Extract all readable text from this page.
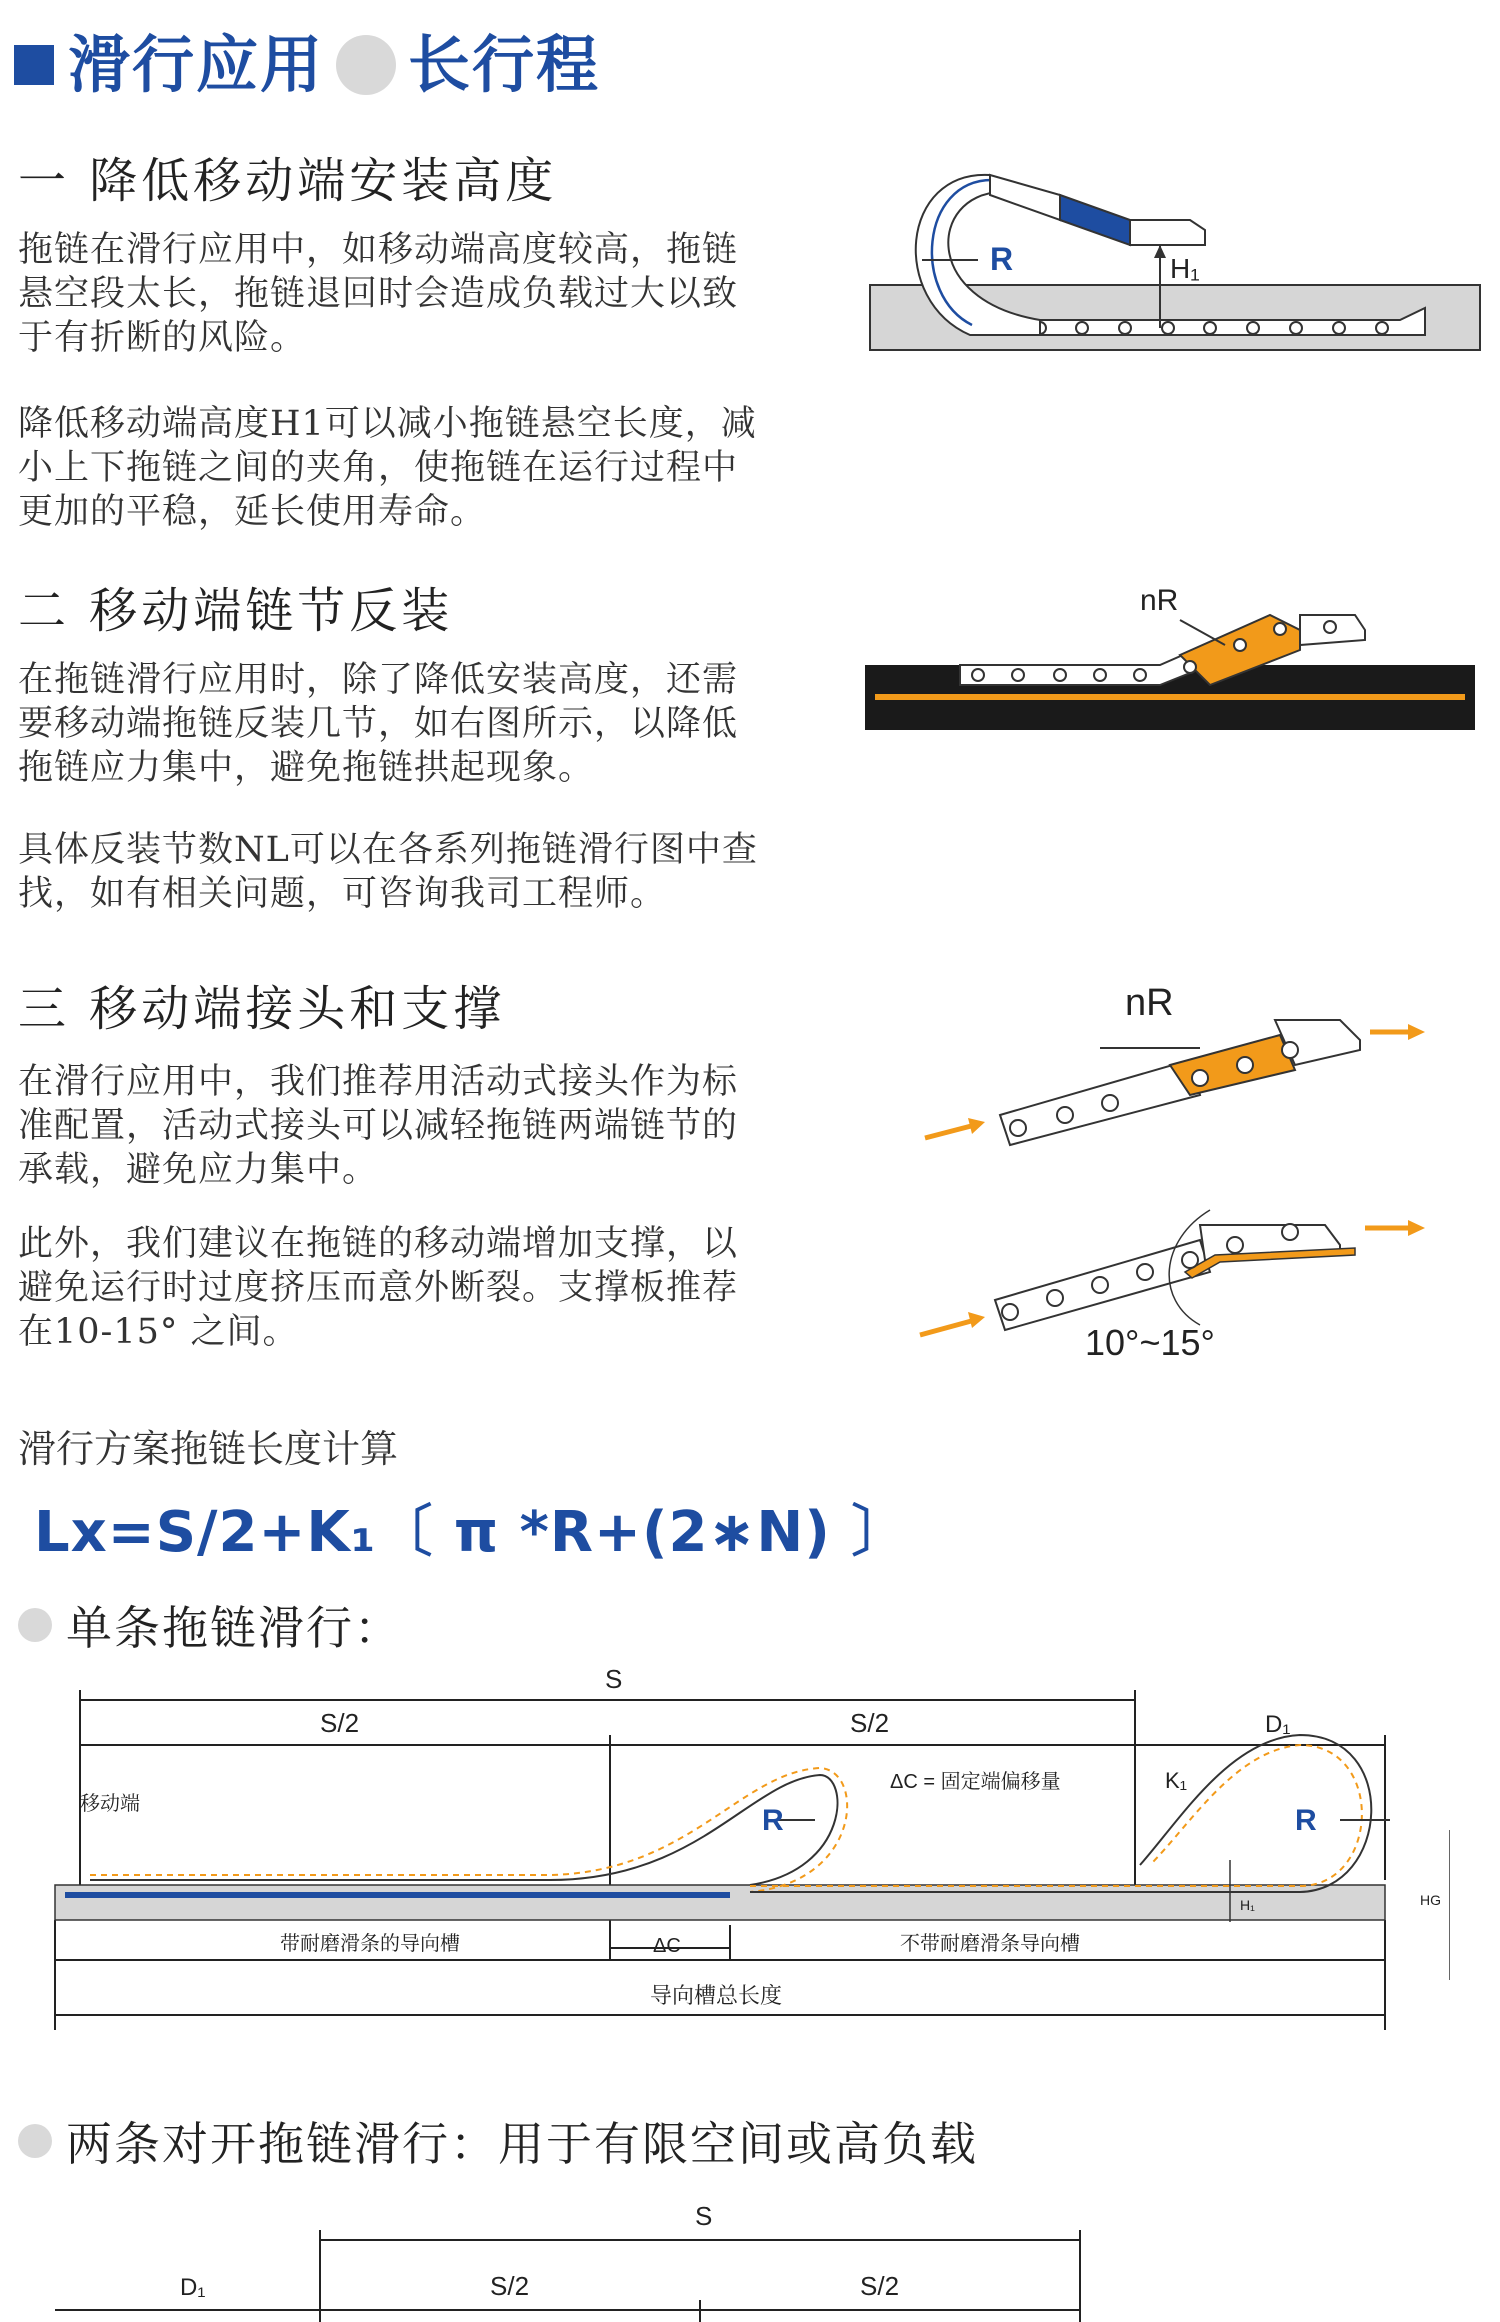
滑行应用 长行程
一 降低移动端安装高度
拖链在滑行应用中，如移动端高度较高，拖链悬空段太长，拖链退回时会造成负载过大以致于有折断的风险。
降低移动端高度H1可以减小拖链悬空长度，减小上下拖链之间的夹角，使拖链在运行过程中更加的平稳，延长使用寿命。
H₁
R
二 移动端链节反装
在拖链滑行应用时，除了降低安装高度，还需要移动端拖链反装几节，如右图所示，以降低拖链应力集中，避免拖链拱起现象。
具体反装节数NL可以在各系列拖链滑行图中查找，如有相关问题，可咨询我司工程师。
nR
三 移动端接头和支撑
在滑行应用中，我们推荐用活动式接头作为标准配置，活动式接头可以减轻拖链两端链节的承载，避免应力集中。
此外，我们建议在拖链的移动端增加支撑，以避免运行时过度挤压而意外断裂。支撑板推荐在10-15° 之间。
nR
10°~15°
滑行方案拖链长度计算
Lx=S/2+K₁〔 π *R+(2∗N) 〕
单条拖链滑行：
S
S/2	S/2	D₁
ΔC = 固定端偏移量	K₁
R	R
移动端
HG
H₁
带耐磨滑条的导向槽	ΔC	不带耐磨滑条导向槽
导向槽总长度
两条对开拖链滑行：用于有限空间或高负载
S
D₁	S/2	S/2
